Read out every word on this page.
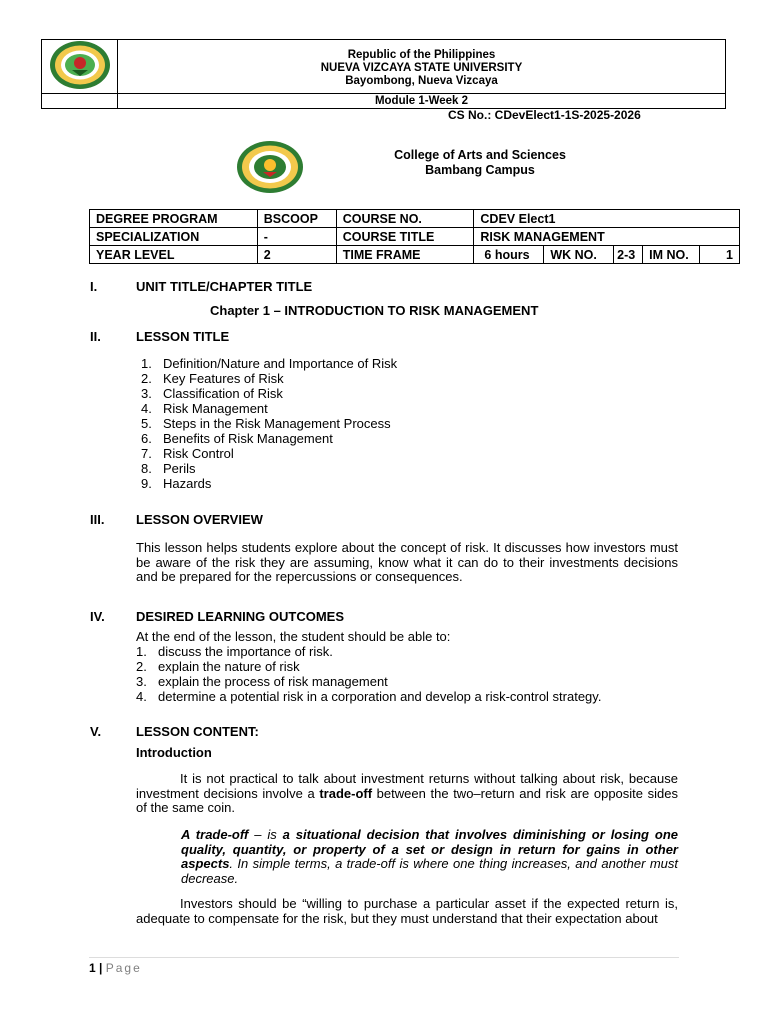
Republic of the Philippines
NUEVA VIZCAYA STATE UNIVERSITY
Bayombong, Nueva Vizcaya

	Module 1-Week 2
CS No.: CDevElect1-1S-2025-2026
College of Arts and Sciences
Bambang Campus
DEGREE PROGRAM	BSCOOP	COURSE NO.	CDEV Elect1				
SPECIALIZATION	-	COURSE TITLE	RISK MANAGEMENT				
YEAR LEVEL	2	TIME FRAME	6 hours	WK NO.	2-3	IM NO.	1
I.	UNIT TITLE/CHAPTER TITLE
Chapter 1 – INTRODUCTION TO RISK MANAGEMENT
II.	LESSON TITLE
1. Definition/Nature and Importance of Risk
2. Key Features of Risk
3. Classification of Risk
4. Risk Management
5. Steps in the Risk Management Process
6. Benefits of Risk Management
7. Risk Control
8. Perils
9. Hazards
III. LESSON OVERVIEW

This lesson helps students explore about the concept of risk. It discusses how investors must be aware of the risk they are assuming, know what it can do to their investments decisions and be prepared for the repercussions or consequences.

IV. DESIRED LEARNING OUTCOMES

At the end of the lesson, the student should be able to:

1. discuss the importance of risk.
2. explain the nature of risk
3. explain the process of risk management
4. determine a potential risk in a corporation and develop a risk-control strategy.
V.	LESSON CONTENT:
Introduction

It is not practical to talk about investment returns without talking about risk, because investment decisions involve a trade-off between the two–return and risk are opposite sides of the same coin.

A trade-off – is a situational decision that involves diminishing or losing one quality, quantity, or property of a set or design in return for gains in other aspects. In simple terms, a trade-off is where one thing increases, and another must decrease.

Investors should be “willing to purchase a particular asset if the expected return is, adequate to compensate for the risk, but they must understand that their expectation about

1 | Page
